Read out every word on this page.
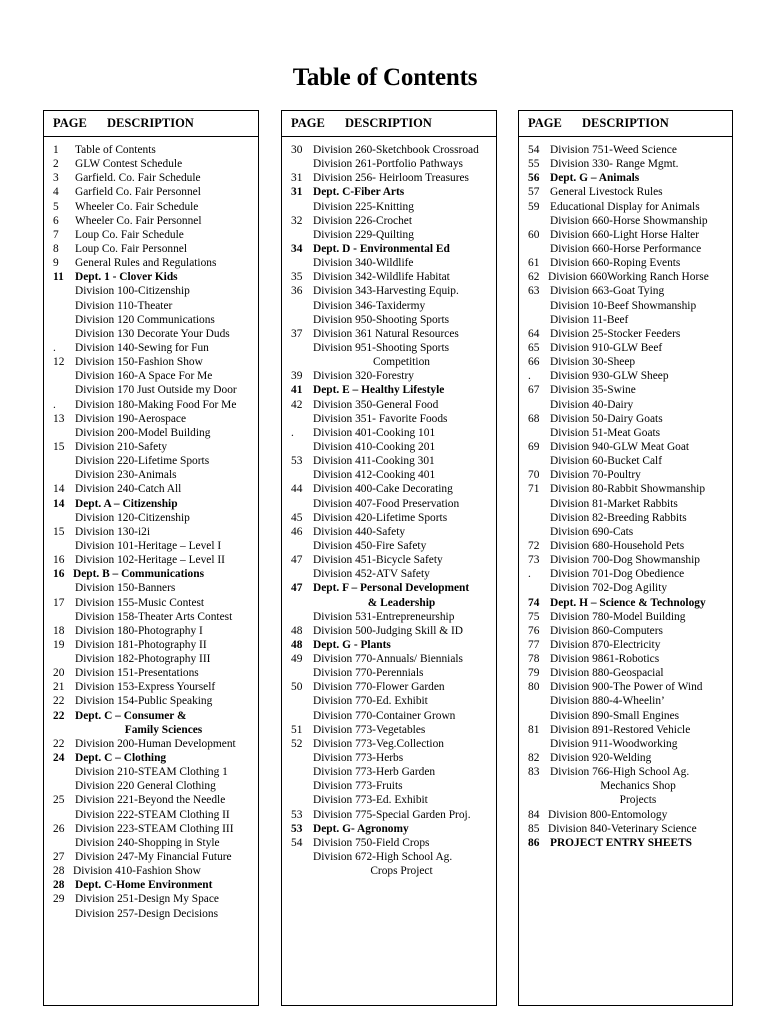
Table of Contents
PAGE DESCRIPTION
1 Table of Contents
2 GLW Contest Schedule
3 Garfield. Co. Fair Schedule
4 Garfield Co. Fair Personnel
5 Wheeler Co. Fair Schedule
6 Wheeler Co. Fair Personnel
7 Loup Co. Fair Schedule
8 Loup Co. Fair Personnel
9 General Rules and Regulations
11 Dept. 1 - Clover Kids
Division 100-Citizenship
Division 110-Theater
Division 120 Communications
Division 130 Decorate Your Duds
. Division 140-Sewing for Fun
12 Division 150-Fashion Show
Division 160-A Space For Me
Division 170 Just Outside my Door
. Division 180-Making Food For Me
13 Division 190-Aerospace
Division 200-Model Building
15 Division 210-Safety
Division 220-Lifetime Sports
Division 230-Animals
14 Division 240-Catch All
14 Dept. A – Citizenship
Division 120-Citizenship
15 Division 130-i2i
Division 101-Heritage – Level I
16 Division 102-Heritage – Level II
16 Dept. B – Communications
Division 150-Banners
17 Division 155-Music Contest
Division 158-Theater Arts Contest
18 Division 180-Photography I
19 Division 181-Photography II
Division 182-Photography III
20 Division 151-Presentations
21 Division 153-Express Yourself
22 Division 154-Public Speaking
22 Dept. C – Consumer &
Family Sciences
22 Division 200-Human Development
24 Dept. C – Clothing
Division 210-STEAM Clothing 1
Division 220 General Clothing
25 Division 221-Beyond the Needle
Division 222-STEAM Clothing II
26 Division 223-STEAM Clothing III
Division 240-Shopping in Style
27 Division 247-My Financial Future
28 Division 410-Fashion Show
28 Dept. C-Home Environment
29 Division 251-Design My Space
Division 257-Design Decisions
PAGE DESCRIPTION
30 Division 260-Sketchbook Crossroad
Division 261-Portfolio Pathways
31 Division 256- Heirloom Treasures
31 Dept. C-Fiber Arts
Division 225-Knitting
32 Division 226-Crochet
Division 229-Quilting
34 Dept. D - Environmental Ed
Division 340-Wildlife
35 Division 342-Wildlife Habitat
36 Division 343-Harvesting Equip.
Division 346-Taxidermy
Division 950-Shooting Sports
37 Division 361 Natural Resources
Division 951-Shooting Sports
Competition
39 Division 320-Forestry
41 Dept. E – Healthy Lifestyle
42 Division 350-General Food
Division 351- Favorite Foods
. Division 401-Cooking 101
Division 410-Cooking 201
53 Division 411-Cooking 301
Division 412-Cooking 401
44 Division 400-Cake Decorating
Division 407-Food Preservation
45 Division 420-Lifetime Sports
46 Division 440-Safety
Division 450-Fire Safety
47 Division 451-Bicycle Safety
Division 452-ATV Safety
47 Dept. F – Personal Development
& Leadership
Division 531-Entrepreneurship
48 Division 500-Judging Skill & ID
48 Dept. G - Plants
49 Division 770-Annuals/ Biennials
Division 770-Perennials
50 Division 770-Flower Garden
Division 770-Ed. Exhibit
Division 770-Container Grown
51 Division 773-Vegetables
52 Division 773-Veg.Collection
Division 773-Herbs
Division 773-Herb Garden
Division 773-Fruits
Division 773-Ed. Exhibit
53 Division 775-Special Garden Proj.
53 Dept. G- Agronomy
54 Division 750-Field Crops
Division 672-High School Ag.
Crops Project
PAGE DESCRIPTION
54 Division 751-Weed Science
55 Division 330- Range Mgmt.
56 Dept. G – Animals
57 General Livestock Rules
59 Educational Display for Animals
Division 660-Horse Showmanship
60 Division 660-Light Horse Halter
Division 660-Horse Performance
61 Division 660-Roping Events
62 Division 660Working Ranch Horse
63 Division 663-Goat Tying
Division 10-Beef Showmanship
Division 11-Beef
64 Division 25-Stocker Feeders
65 Division 910-GLW Beef
66 Division 30-Sheep
. Division 930-GLW Sheep
67 Division 35-Swine
Division 40-Dairy
68 Division 50-Dairy Goats
Division 51-Meat Goats
69 Division 940-GLW Meat Goat
Division 60-Bucket Calf
70 Division 70-Poultry
71 Division 80-Rabbit Showmanship
Division 81-Market Rabbits
Division 82-Breeding Rabbits
Division 690-Cats
72 Division 680-Household Pets
73 Division 700-Dog Showmanship
. Division 701-Dog Obedience
Division 702-Dog Agility
74 Dept. H – Science & Technology
75 Division 780-Model Building
76 Division 860-Computers
77 Division 870-Electricity
78 Division 9861-Robotics
79 Division 880-Geospacial
80 Division 900-The Power of Wind
Division 880-4-Wheelin’
Division 890-Small Engines
81 Division 891-Restored Vehicle
Division 911-Woodworking
82 Division 920-Welding
83 Division 766-High School Ag.
Mechanics Shop
Projects
84 Division 800-Entomology
85 Division 840-Veterinary Science
86 PROJECT ENTRY SHEETS
